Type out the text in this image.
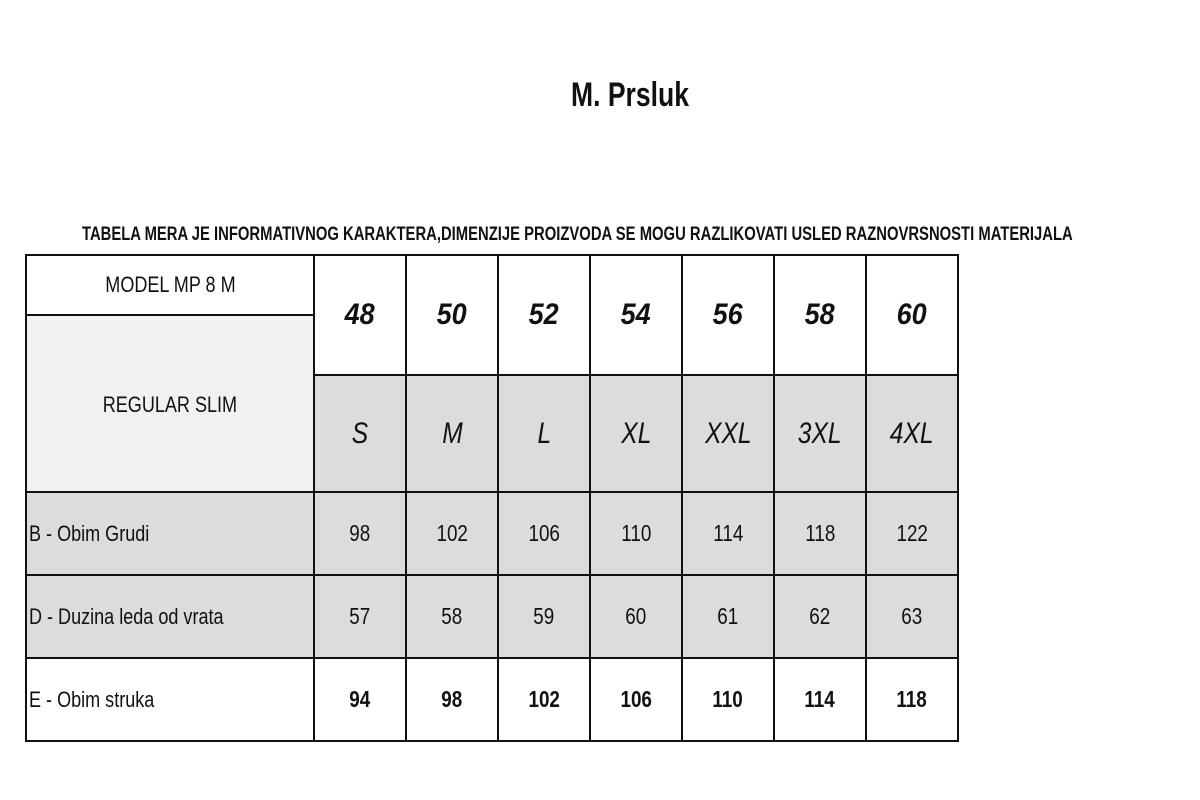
M. Prsluk
TABELA MERA JE INFORMATIVNOG KARAKTERA,DIMENZIJE PROIZVODA SE MOGU RAZLIKOVATI USLED RAZNOVRSNOSTI MATERIJALA
MODEL MP 8 M	48	50	52	54	56	58	60
REGULAR SLIM							
	S	M	L	XL	XXL	3XL	4XL
B - Obim Grudi	98	102	106	110	114	118	122
D - Duzina leda od vrata	57	58	59	60	61	62	63
E - Obim struka	94	98	102	106	110	114	118
